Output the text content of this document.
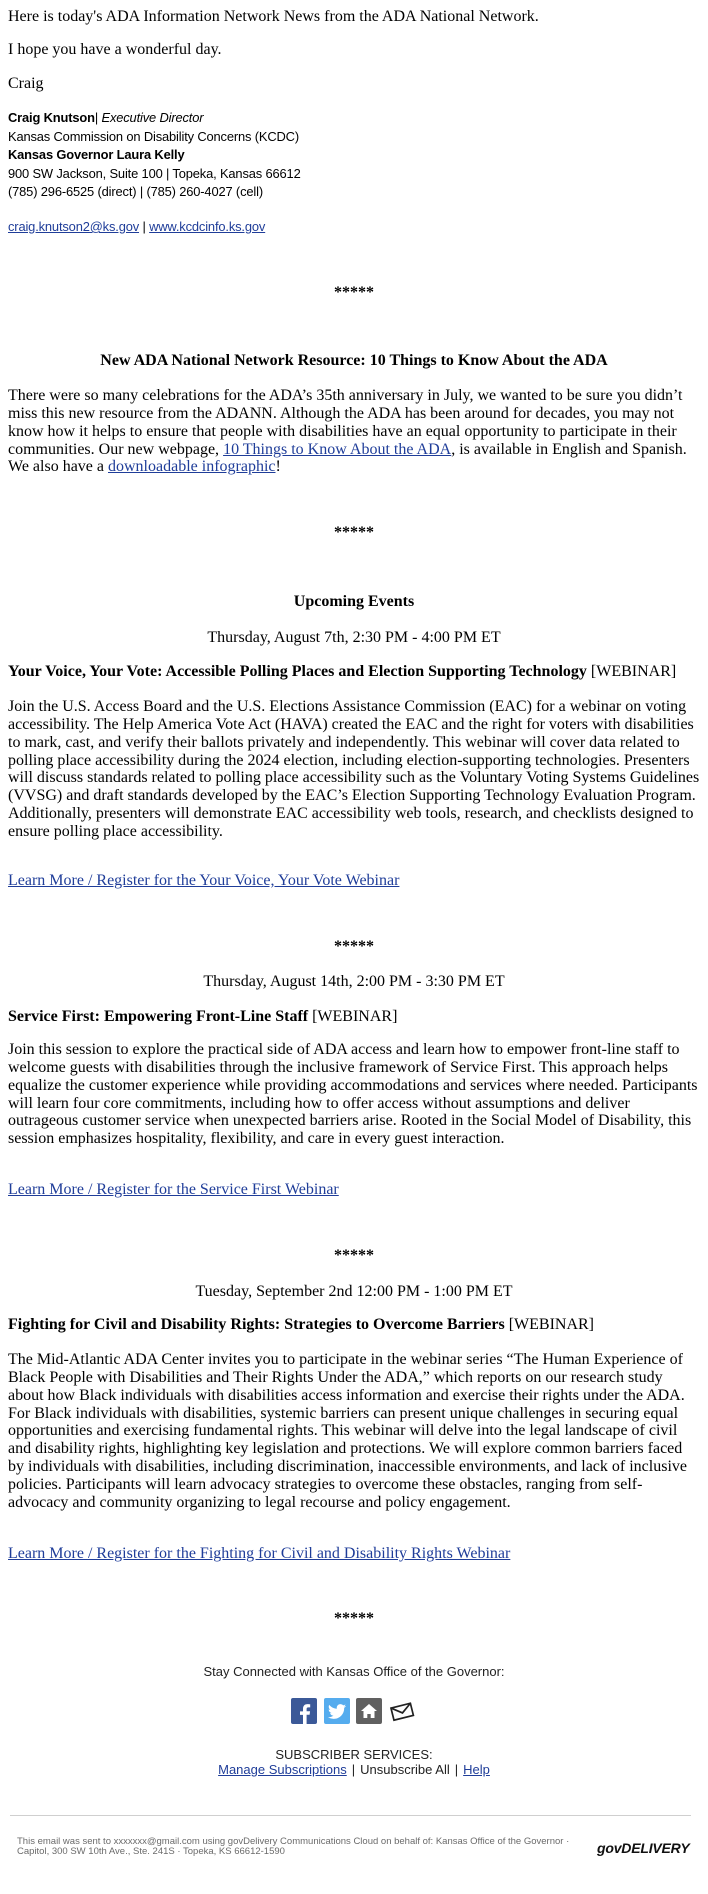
Here is today's ADA Information Network News from the ADA National Network.
I hope you have a wonderful day.
Craig
Craig Knutson| Executive Director
Kansas Commission on Disability Concerns (KCDC)
Kansas Governor Laura Kelly
900 SW Jackson, Suite 100 | Topeka, Kansas 66612
(785) 296-6525 (direct) | (785) 260-4027 (cell)
craig.knutson2@ks.gov | www.kcdcinfo.ks.gov
*****
New ADA National Network Resource: 10 Things to Know About the ADA
There were so many celebrations for the ADA’s 35th anniversary in July, we wanted to be sure you didn’t miss this new resource from the ADANN. Although the ADA has been around for decades, you may not know how it helps to ensure that people with disabilities have an equal opportunity to participate in their communities. Our new webpage, 10 Things to Know About the ADA, is available in English and Spanish. We also have a downloadable infographic!
*****
Upcoming Events
Thursday, August 7th, 2:30 PM - 4:00 PM ET
Your Voice, Your Vote: Accessible Polling Places and Election Supporting Technology [WEBINAR]
Join the U.S. Access Board and the U.S. Elections Assistance Commission (EAC) for a webinar on voting accessibility. The Help America Vote Act (HAVA) created the EAC and the right for voters with disabilities to mark, cast, and verify their ballots privately and independently. This webinar will cover data related to polling place accessibility during the 2024 election, including election-supporting technologies. Presenters will discuss standards related to polling place accessibility such as the Voluntary Voting Systems Guidelines (VVSG) and draft standards developed by the EAC’s Election Supporting Technology Evaluation Program. Additionally, presenters will demonstrate EAC accessibility web tools, research, and checklists designed to ensure polling place accessibility.
Learn More / Register for the Your Voice, Your Vote Webinar
*****
Thursday, August 14th, 2:00 PM - 3:30 PM ET
Service First: Empowering Front-Line Staff [WEBINAR]
Join this session to explore the practical side of ADA access and learn how to empower front-line staff to welcome guests with disabilities through the inclusive framework of Service First. This approach helps equalize the customer experience while providing accommodations and services where needed. Participants will learn four core commitments, including how to offer access without assumptions and deliver outrageous customer service when unexpected barriers arise. Rooted in the Social Model of Disability, this session emphasizes hospitality, flexibility, and care in every guest interaction.
Learn More / Register for the Service First Webinar
*****
Tuesday, September 2nd 12:00 PM - 1:00 PM ET
Fighting for Civil and Disability Rights: Strategies to Overcome Barriers [WEBINAR]
The Mid-Atlantic ADA Center invites you to participate in the webinar series “The Human Experience of Black People with Disabilities and Their Rights Under the ADA,” which reports on our research study about how Black individuals with disabilities access information and exercise their rights under the ADA. For Black individuals with disabilities, systemic barriers can present unique challenges in securing equal opportunities and exercising fundamental rights. This webinar will delve into the legal landscape of civil and disability rights, highlighting key legislation and protections. We will explore common barriers faced by individuals with disabilities, including discrimination, inaccessible environments, and lack of inclusive policies. Participants will learn advocacy strategies to overcome these obstacles, ranging from self-advocacy and community organizing to legal recourse and policy engagement.
Learn More / Register for the Fighting for Civil and Disability Rights Webinar
*****
Stay Connected with Kansas Office of the Governor:
SUBSCRIBER SERVICES:
Manage Subscriptions | Unsubscribe All | Help
This email was sent to xxxxxxx@gmail.com using govDelivery Communications Cloud on behalf of: Kansas Office of the Governor ·
Capitol, 300 SW 10th Ave., Ste. 241S · Topeka, KS 66612-1590	govDELIVERY
